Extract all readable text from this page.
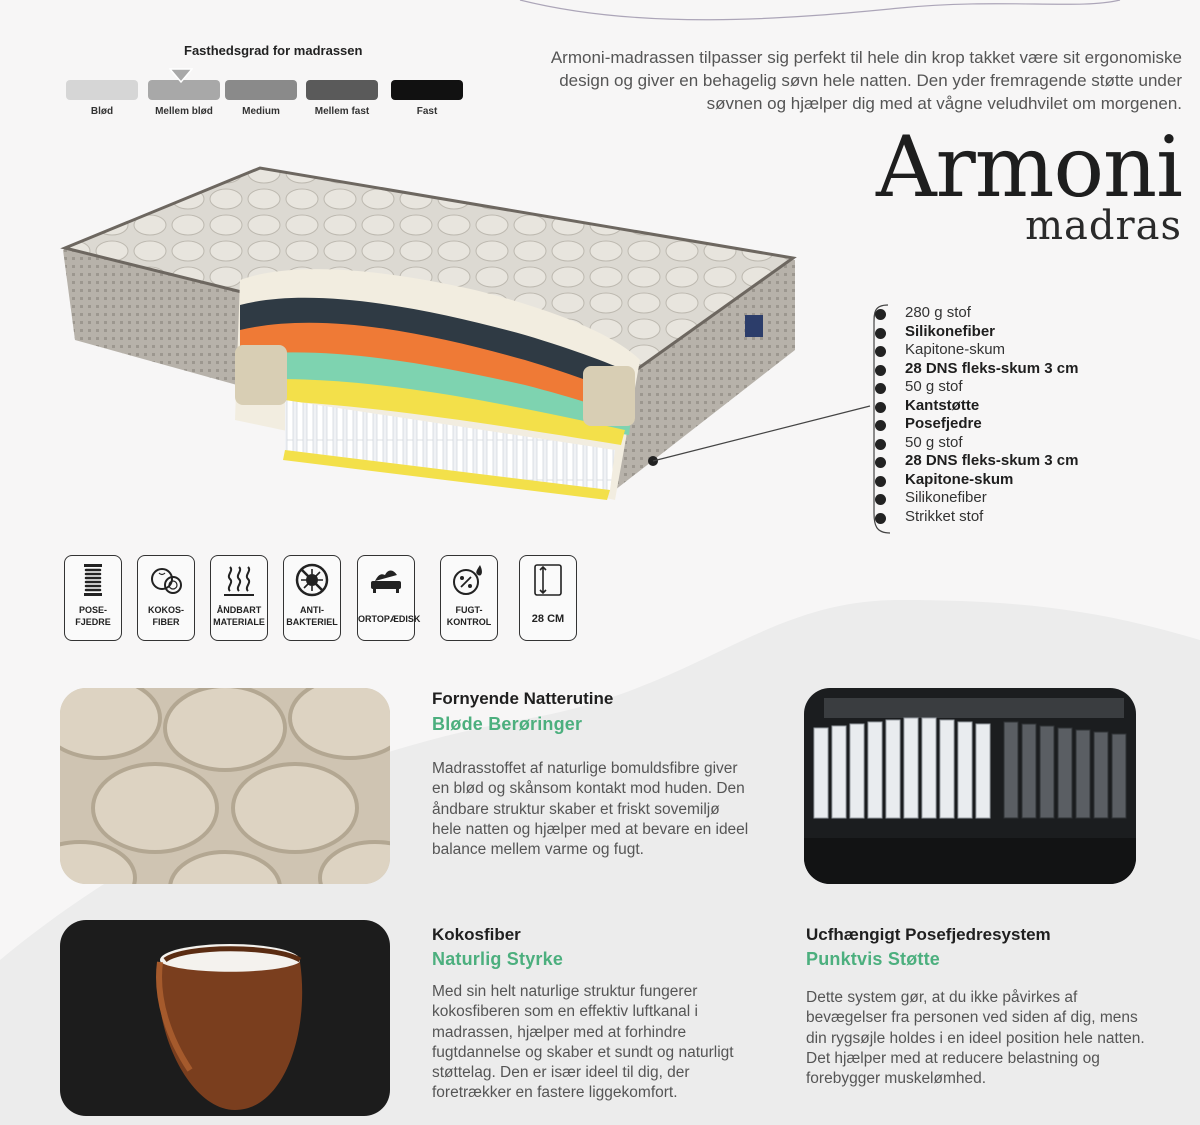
Fasthedsgrad for madrassen
Blød	Mellem blød	Medium	Mellem fast	Fast
Armoni-madrassen tilpasser sig perfekt til hele din krop takket være sit ergonomiske design og giver en behagelig søvn hele natten. Den yder fremragende støtte under søvnen og hjælper dig med at vågne veludhvilet om morgenen.
Armoni
madras
280 g stof
Silikonefiber
Kapitone-skum
28 DNS fleks-skum 3 cm
50 g stof
Kantstøtte
Posefjedre
50 g stof
28 DNS fleks-skum 3 cm
Kapitone-skum
Silikonefiber
Strikket stof
POSE-
FJEDRE
KOKOS-
FIBER
ÅNDBART
MATERIALE
ANTI-
BAKTERIEL ORTOPÆDISK
FUGT-
KONTROL	28 CM
Fornyende Natterutine
Bløde Berøringer
Madrasstoffet af naturlige bomuldsfibre giver en blød og skånsom kontakt mod huden. Den åndbare struktur skaber et friskt sovemiljø hele natten og hjælper med at bevare en ideel balance mellem varme og fugt.
Kokosfiber
Naturlig Styrke
Med sin helt naturlige struktur fungerer kokosfiberen som en effektiv luftkanal i madrassen, hjælper med at forhindre fugtdannelse og skaber et sundt og naturligt støttelag. Den er især ideel til dig, der foretrækker en fastere liggekomfort.
Ucfhængigt Posefjedresystem
Punktvis Støtte
Dette system gør, at du ikke påvirkes af bevægelser fra personen ved siden af dig, mens din rygsøjle holdes i en ideel position hele natten. Det hjælper med at reducere belastning og forebygger muskelømhed.
